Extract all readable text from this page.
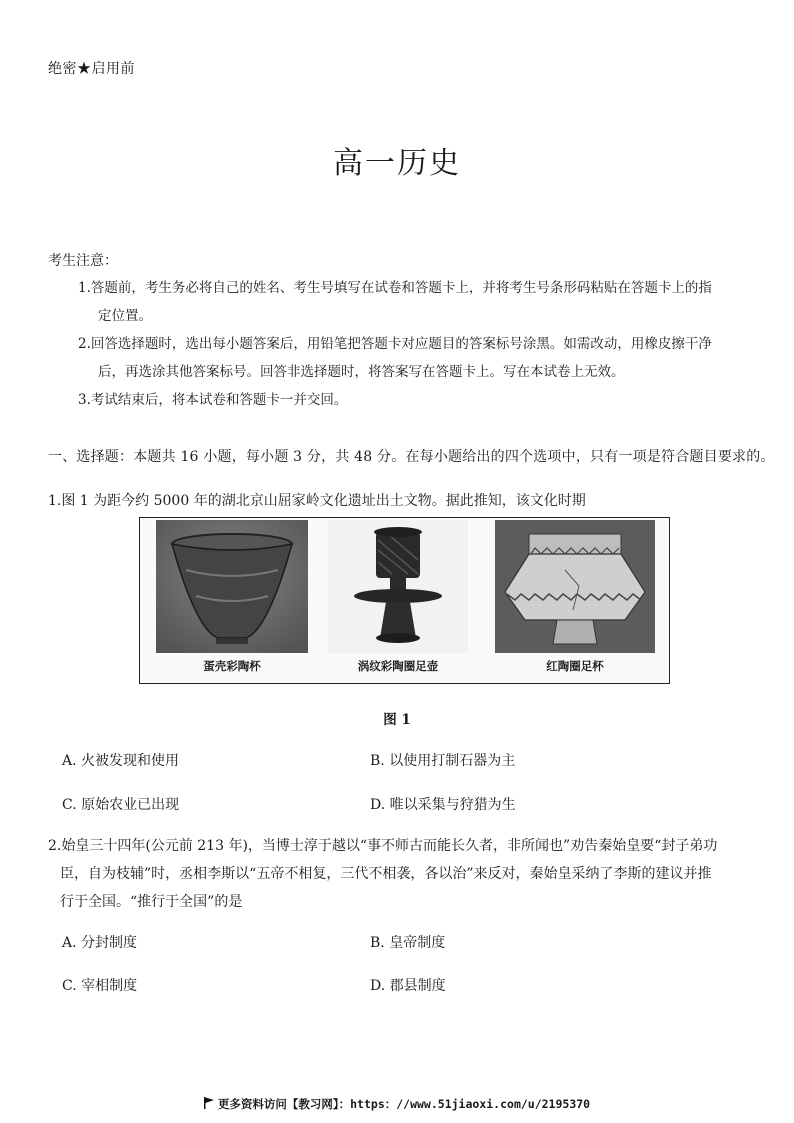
绝密★启用前
高一历史
考生注意：
1.答题前，考生务必将自己的姓名、考生号填写在试卷和答题卡上，并将考生号条形码粘贴在答题卡上的指
定位置。
2.回答选择题时，选出每小题答案后，用铅笔把答题卡对应题目的答案标号涂黑。如需改动，用橡皮擦干净
后，再选涂其他答案标号。回答非选择题时，将答案写在答题卡上。写在本试卷上无效。
3.考试结束后，将本试卷和答题卡一并交回。
一、选择题：本题共 16 小题，每小题 3 分，共 48 分。在每小题给出的四个选项中，只有一项是符合题目要求的。
1.图 1 为距今约 5000 年的湖北京山屈家岭文化遗址出土文物。据此推知，该文化时期
蛋壳彩陶杯	涡纹彩陶圈足壶	红陶圈足杯
图 1
A. 火被发现和使用	B. 以使用打制石器为主
C. 原始农业已出现	D. 唯以采集与狩猎为生
2.始皇三十四年(公元前 213 年)，当博士淳于越以“事不师古而能长久者，非所闻也”劝告秦始皇要“封子弟功
臣，自为枝辅”时，丞相李斯以“五帝不相复，三代不相袭，各以治”来反对，秦始皇采纳了李斯的建议并推
行于全国。“推行于全国”的是
A. 分封制度	B. 皇帝制度
C. 宰相制度	D. 郡县制度
更多资料访问【教习网】：https：//www.51jiaoxi.com/u/2195370
